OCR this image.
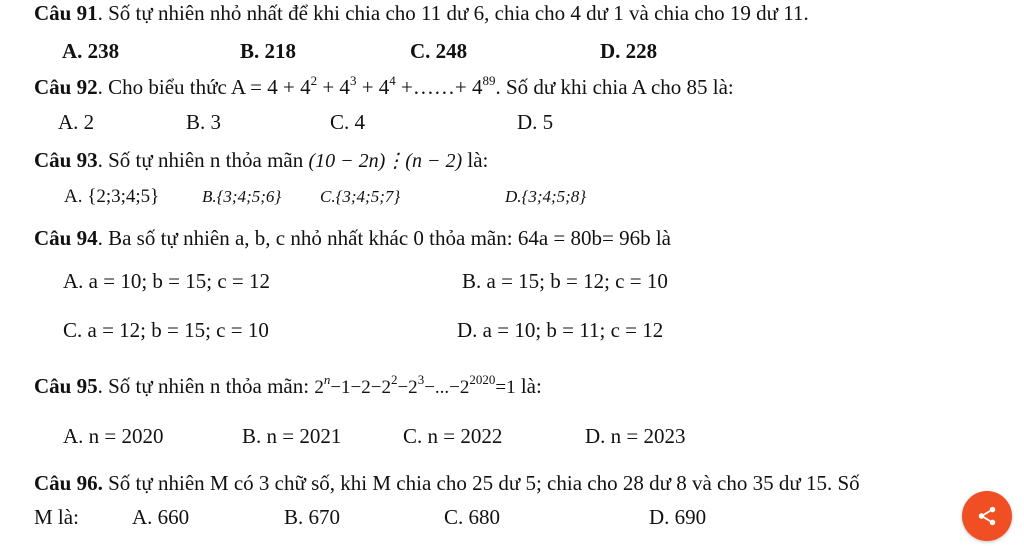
Câu 91. Số tự nhiên nhỏ nhất để khi chia cho 11 dư 6, chia cho 4 dư 1 và chia cho 19 dư 11.
A. 238	B. 218	C. 248	D. 228
Câu 92. Cho biểu thức $A = 4 + 4^2 + 4^3 + 4^4$ +……+ $4^{89}$. Số dư khi chia A cho 85 là:
A. 2	B. 3	C. 4	D. 5
Câu 93. Số tự nhiên n thỏa mãn (10 − 2n)⋮(n − 2) là:
A. {2;3;4;5}	B.{3;4;5;6} C.{3;4;5;7}	D.{3;4;5;8}
Câu 94. Ba số tự nhiên a, b, c nhỏ nhất khác 0 thỏa mãn: 64a = 80b= 96b là
A. a = 10; b = 15; c = 12	B. a = 15; b = 12; c = 10
C. a = 12; b = 15; c = 10	D. a = 10; b = 11; c = 12
Câu 95. Số tự nhiên n thỏa mãn: $2^n-1-2-2^2-2^3-...-2^{2020}=1$ là:
A. n = 2020	B. n = 2021	C. n = 2022	D. n = 2023
Câu 96. Số tự nhiên M có 3 chữ số, khi M chia cho 25 dư 5; chia cho 28 dư 8 và cho 35 dư 15. Số
M là:	A. 660	B. 670	C. 680	D. 690
